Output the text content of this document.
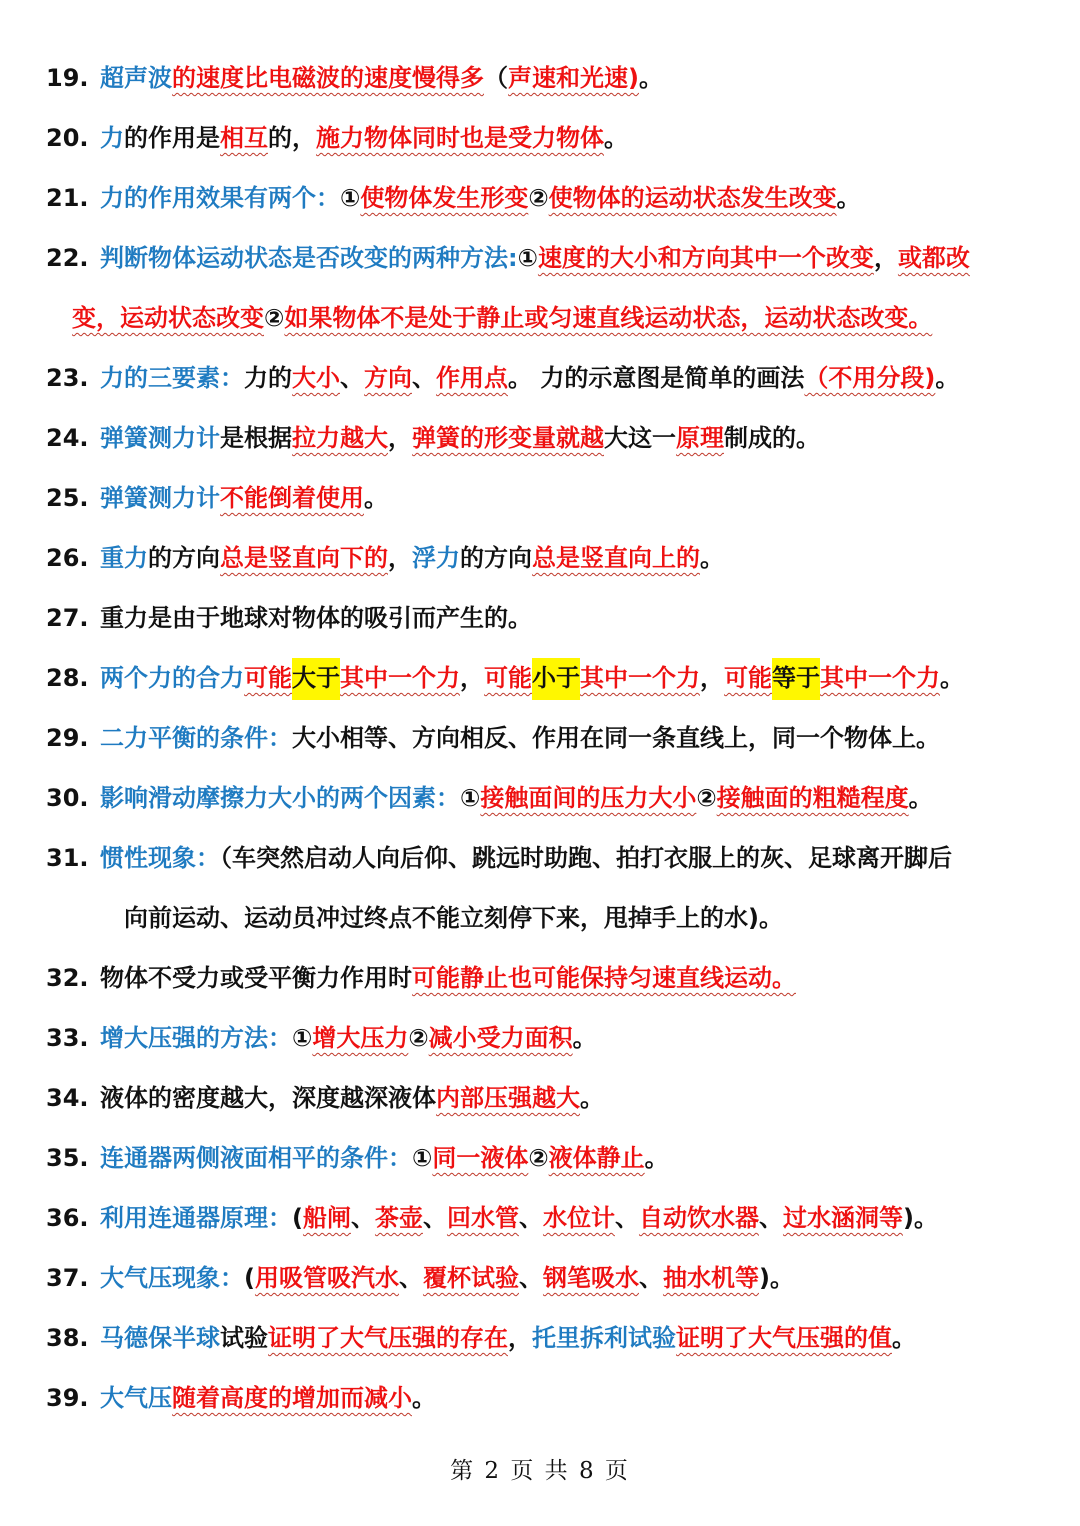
19. 超声波的速度比电磁波的速度慢得多（声速和光速)。
20. 力的作用是相互的，施力物体同时也是受力物体。
21. 力的作用效果有两个：①使物体发生形变②使物体的运动状态发生改变。
22. 判断物体运动状态是否改变的两种方法:①速度的大小和方向其中一个改变，或都改
变，运动状态改变②如果物体不是处于静止或匀速直线运动状态，运动状态改变。
23. 力的三要素：力的大小、方向、作用点。 力的示意图是简单的画法（不用分段)。
24. 弹簧测力计是根据拉力越大，弹簧的形变量就越大这一原理制成的。
25. 弹簧测力计不能倒着使用。
26. 重力的方向总是竖直向下的，浮力的方向总是竖直向上的。
27. 重力是由于地球对物体的吸引而产生的。
28. 两个力的合力可能大于其中一个力，可能小于其中一个力，可能等于其中一个力。
29. 二力平衡的条件：大小相等、方向相反、作用在同一条直线上，同一个物体上。
30. 影响滑动摩擦力大小的两个因素：①接触面间的压力大小②接触面的粗糙程度。
31. 惯性现象：（车突然启动人向后仰、跳远时助跑、拍打衣服上的灰、足球离开脚后
向前运动、运动员冲过终点不能立刻停下来，甩掉手上的水)。
32. 物体不受力或受平衡力作用时可能静止也可能保持匀速直线运动。
33. 增大压强的方法：①增大压力②减小受力面积。
34. 液体的密度越大，深度越深液体内部压强越大。
35. 连通器两侧液面相平的条件：①同一液体②液体静止。
36. 利用连通器原理：(船闸、茶壶、回水管、水位计、自动饮水器、过水涵洞等)。
37. 大气压现象：(用吸管吸汽水、覆杯试验、钢笔吸水、抽水机等)。
38. 马德保半球试验证明了大气压强的存在，托里拆利试验证明了大气压强的值。
39. 大气压随着高度的增加而减小。
第 2 页 共 8 页
